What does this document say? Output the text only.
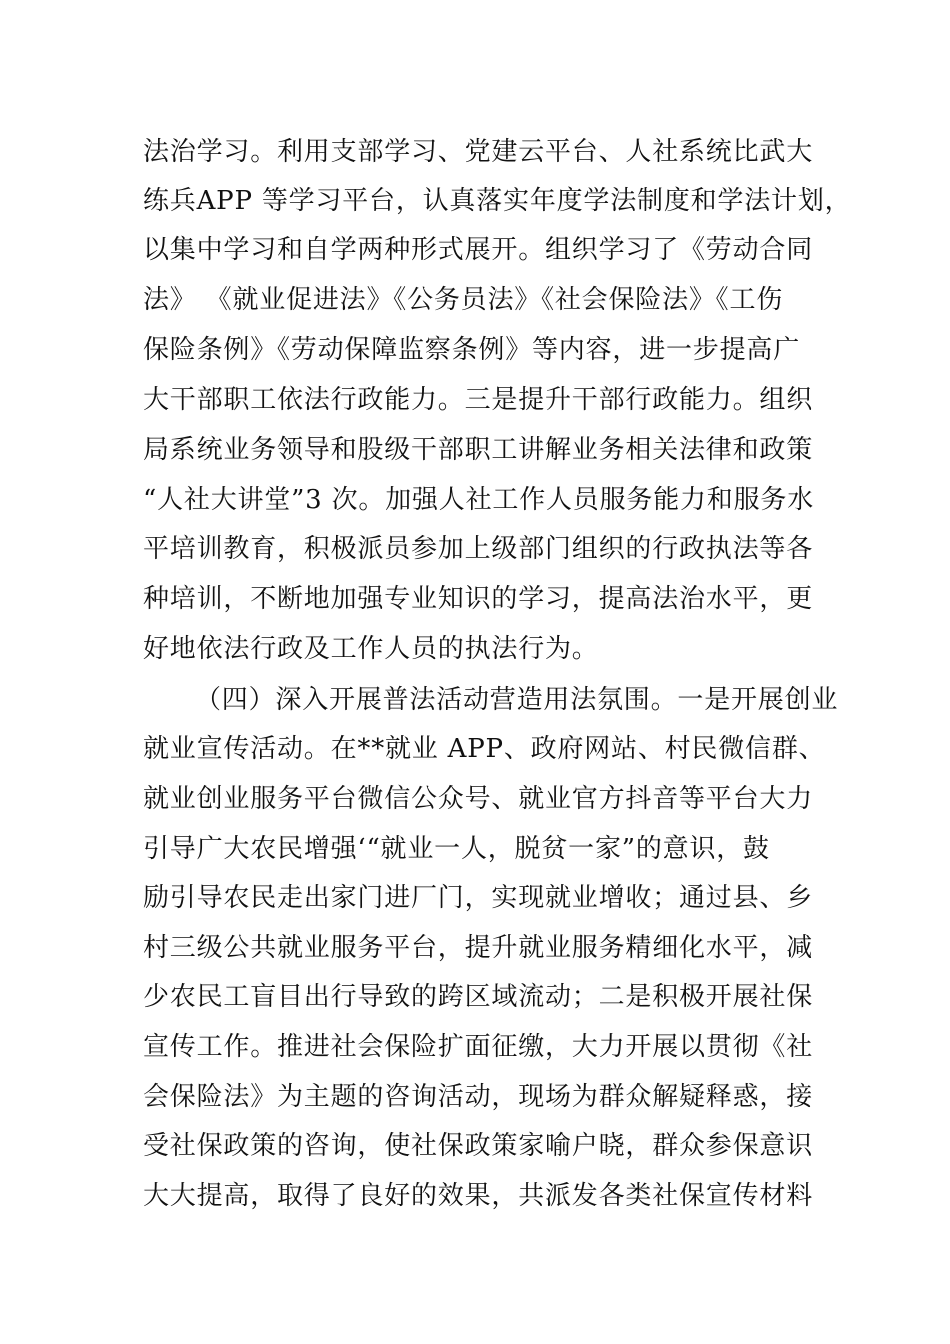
法治学习。利用支部学习、党建云平台、人社系统比武大
练兵APP 等学习平台，认真落实年度学法制度和学法计划，
以集中学习和自学两种形式展开。组织学习了《劳动合同
法》 《就业促进法》《公务员法》《社会保险法》《工伤
保险条例》《劳动保障监察条例》等内容，进一步提高广
大干部职工依法行政能力。三是提升干部行政能力。组织
局系统业务领导和股级干部职工讲解业务相关法律和政策
“人社大讲堂”3 次。加强人社工作人员服务能力和服务水
平培训教育，积极派员参加上级部门组织的行政执法等各
种培训，不断地加强专业知识的学习，提高法治水平，更
好地依法行政及工作人员的执法行为。
（四）深入开展普法活动营造用法氛围。一是开展创业
就业宣传活动。在**就业 APP、政府网站、村民微信群、
就业创业服务平台微信公众号、就业官方抖音等平台大力
引导广大农民增强‘“就业一人，脱贫一家”的意识，鼓
励引导农民走出家门进厂门，实现就业增收；通过县、乡
村三级公共就业服务平台，提升就业服务精细化水平，减
少农民工盲目出行导致的跨区域流动；二是积极开展社保
宣传工作。推进社会保险扩面征缴，大力开展以贯彻《社
会保险法》为主题的咨询活动，现场为群众解疑释惑，接
受社保政策的咨询，使社保政策家喻户晓，群众参保意识
大大提高，取得了良好的效果，共派发各类社保宣传材料
